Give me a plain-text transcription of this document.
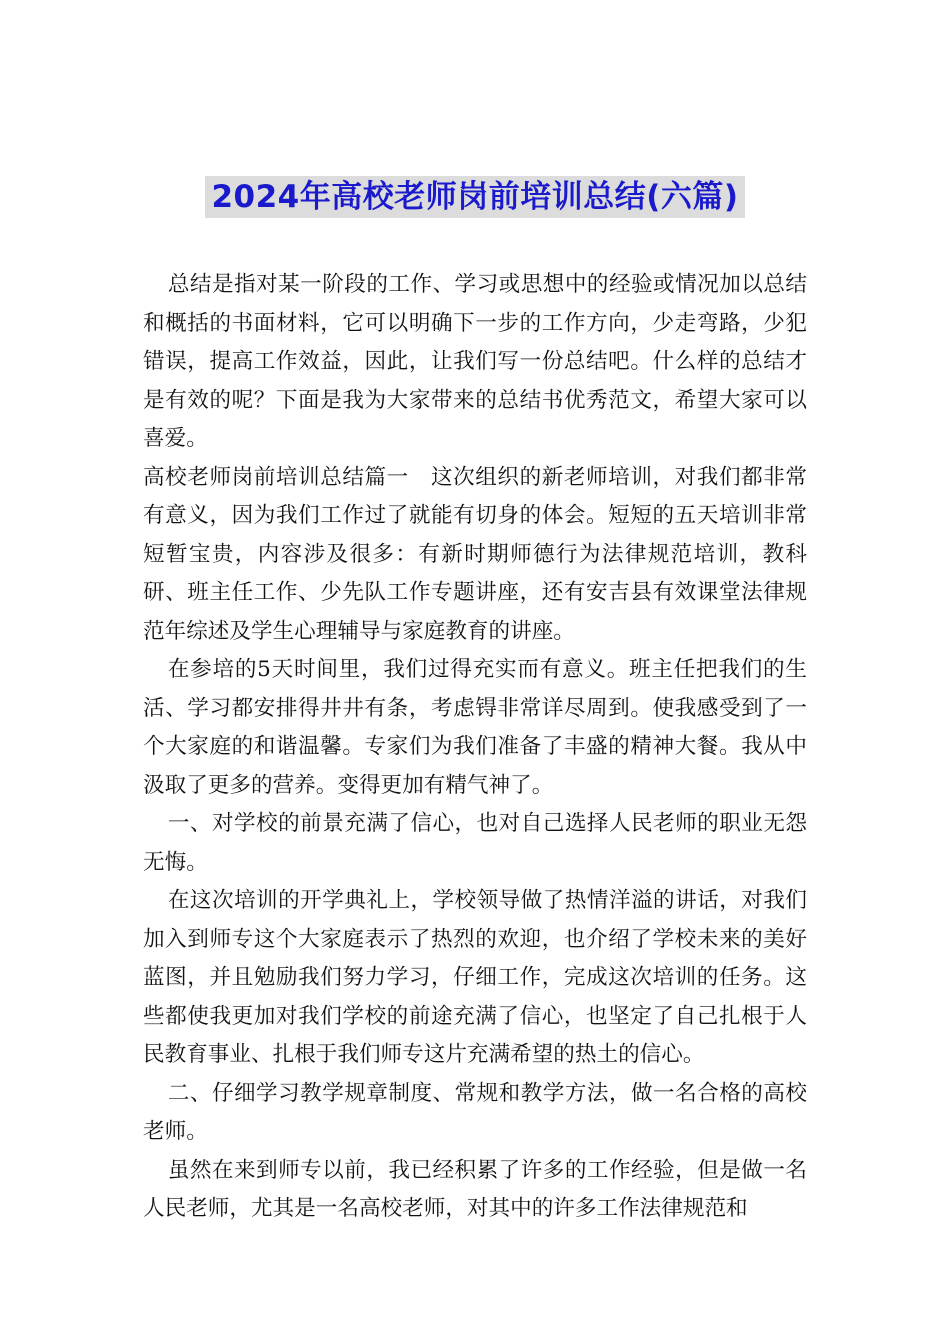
2024年高校老师岗前培训总结(六篇)

总结是指对某一阶段的工作、学习或思想中的经验或情况加以总结和概括的书面材料，它可以明确下一步的工作方向，少走弯路，少犯错误，提高工作效益，因此，让我们写一份总结吧。什么样的总结才是有效的呢？下面是我为大家带来的总结书优秀范文，希望大家可以喜爱。

高校老师岗前培训总结篇一　这次组织的新老师培训，对我们都非常有意义，因为我们工作过了就能有切身的体会。短短的五天培训非常短暂宝贵，内容涉及很多：有新时期师德行为法律规范培训，教科研、班主任工作、少先队工作专题讲座，还有安吉县有效课堂法律规范年综述及学生心理辅导与家庭教育的讲座。

在参培的5天时间里，我们过得充实而有意义。班主任把我们的生活、学习都安排得井井有条，考虑锝非常详尽周到。使我感受到了一个大家庭的和谐温馨。专家们为我们准备了丰盛的精神大餐。我从中汲取了更多的营养。变得更加有精气神了。

一、对学校的前景充满了信心，也对自己选择人民老师的职业无怨无悔。

在这次培训的开学典礼上，学校领导做了热情洋溢的讲话，对我们加入到师专这个大家庭表示了热烈的欢迎，也介绍了学校未来的美好蓝图，并且勉励我们努力学习，仔细工作，完成这次培训的任务。这些都使我更加对我们学校的前途充满了信心，也坚定了自己扎根于人民教育事业、扎根于我们师专这片充满希望的热土的信心。

二、仔细学习教学规章制度、常规和教学方法，做一名合格的高校老师。

虽然在来到师专以前，我已经积累了许多的工作经验，但是做一名人民老师，尤其是一名高校老师，对其中的许多工作法律规范和
